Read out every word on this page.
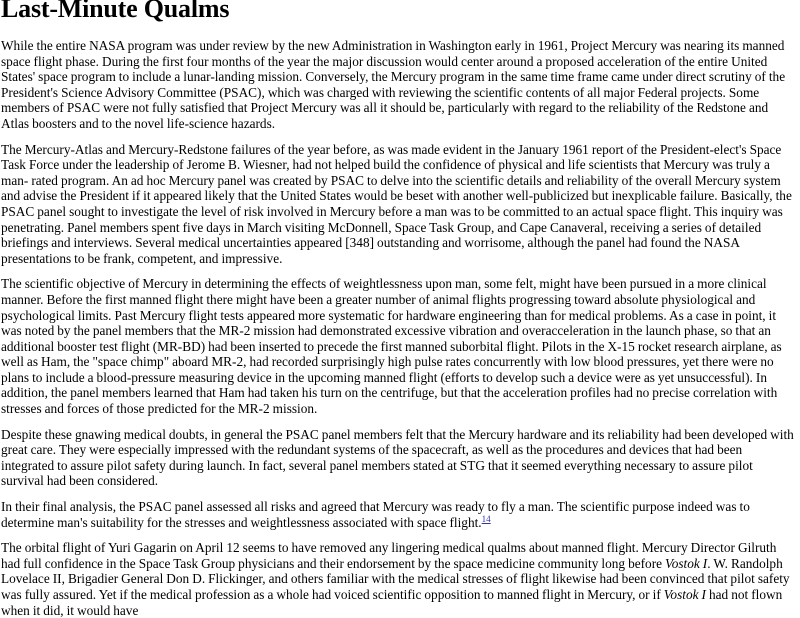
Last-Minute Qualms

While the entire NASA program was under review by the new Administration in Washington early in 1961, Project Mercury was nearing its manned space flight phase. During the first four months of the year the major discussion would center around a proposed acceleration of the entire United States' space program to include a lunar-landing mission. Conversely, the Mercury program in the same time frame came under direct scrutiny of the President's Science Advisory Committee (PSAC), which was charged with reviewing the scientific contents of all major Federal projects. Some members of PSAC were not fully satisfied that Project Mercury was all it should be, particularly with regard to the reliability of the Redstone and Atlas boosters and to the novel life-science hazards.

The Mercury-Atlas and Mercury-Redstone failures of the year before, as was made evident in the January 1961 report of the President-elect's Space Task Force under the leadership of Jerome B. Wiesner, had not helped build the confidence of physical and life scientists that Mercury was truly a man- rated program. An ad hoc Mercury panel was created by PSAC to delve into the scientific details and reliability of the overall Mercury system and advise the President if it appeared likely that the United States would be beset with another well-publicized but inexplicable failure. Basically, the PSAC panel sought to investigate the level of risk involved in Mercury before a man was to be committed to an actual space flight. This inquiry was penetrating. Panel members spent five days in March visiting McDonnell, Space Task Group, and Cape Canaveral, receiving a series of detailed briefings and interviews. Several medical uncertainties appeared [348] outstanding and worrisome, although the panel had found the NASA presentations to be frank, competent, and impressive.

The scientific objective of Mercury in determining the effects of weightlessness upon man, some felt, might have been pursued in a more clinical manner. Before the first manned flight there might have been a greater number of animal flights progressing toward absolute physiological and psychological limits. Past Mercury flight tests appeared more systematic for hardware engineering than for medical problems. As a case in point, it was noted by the panel members that the MR-2 mission had demonstrated excessive vibration and overacceleration in the launch phase, so that an additional booster test flight (MR-BD) had been inserted to precede the first manned suborbital flight. Pilots in the X-15 rocket research airplane, as well as Ham, the "space chimp" aboard MR-2, had recorded surprisingly high pulse rates concurrently with low blood pressures, yet there were no plans to include a blood-pressure measuring device in the upcoming manned flight (efforts to develop such a device were as yet unsuccessful). In addition, the panel members learned that Ham had taken his turn on the centrifuge, but that the acceleration profiles had no precise correlation with stresses and forces of those predicted for the MR-2 mission.

Despite these gnawing medical doubts, in general the PSAC panel members felt that the Mercury hardware and its reliability had been developed with great care. They were especially impressed with the redundant systems of the spacecraft, as well as the procedures and devices that had been integrated to assure pilot safety during launch. In fact, several panel members stated at STG that it seemed everything necessary to assure pilot survival had been considered.

In their final analysis, the PSAC panel assessed all risks and agreed that Mercury was ready to fly a man. The scientific purpose indeed was to determine man's suitability for the stresses and weightlessness associated with space flight.$^{14}$

The orbital flight of Yuri Gagarin on April 12 seems to have removed any lingering medical qualms about manned flight. Mercury Director Gilruth had full confidence in the Space Task Group physicians and their endorsement by the space medicine community long before Vostok I. W. Randolph Lovelace II, Brigadier General Don D. Flickinger, and others familiar with the medical stresses of flight likewise had been convinced that pilot safety was fully assured. Yet if the medical profession as a whole had voiced scientific opposition to manned flight in Mercury, or if Vostok I had not flown when it did, it would have
